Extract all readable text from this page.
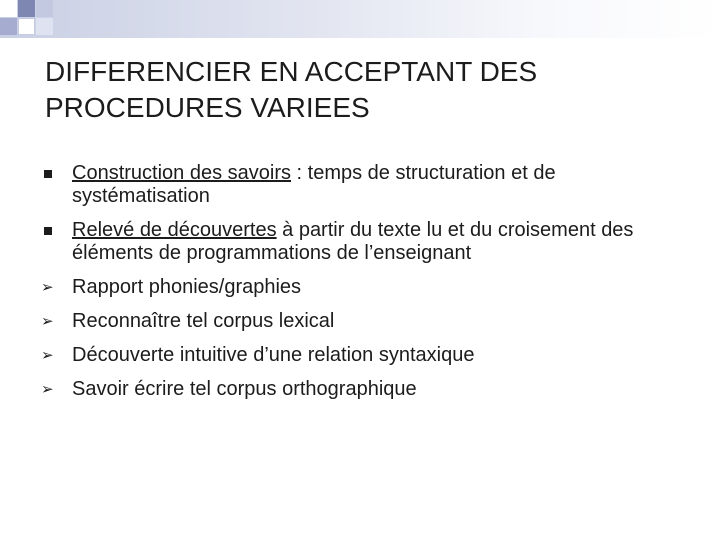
DIFFERENCIER EN ACCEPTANT DES PROCEDURES VARIEES
Construction des savoirs : temps de structuration et de systématisation
Relevé de découvertes à partir du texte lu et du croisement des éléments de programmations de l’enseignant
➢ Rapport phonies/graphies
➢ Reconnaître tel corpus lexical
➢ Découverte intuitive d’une relation syntaxique
➢ Savoir écrire tel corpus orthographique
